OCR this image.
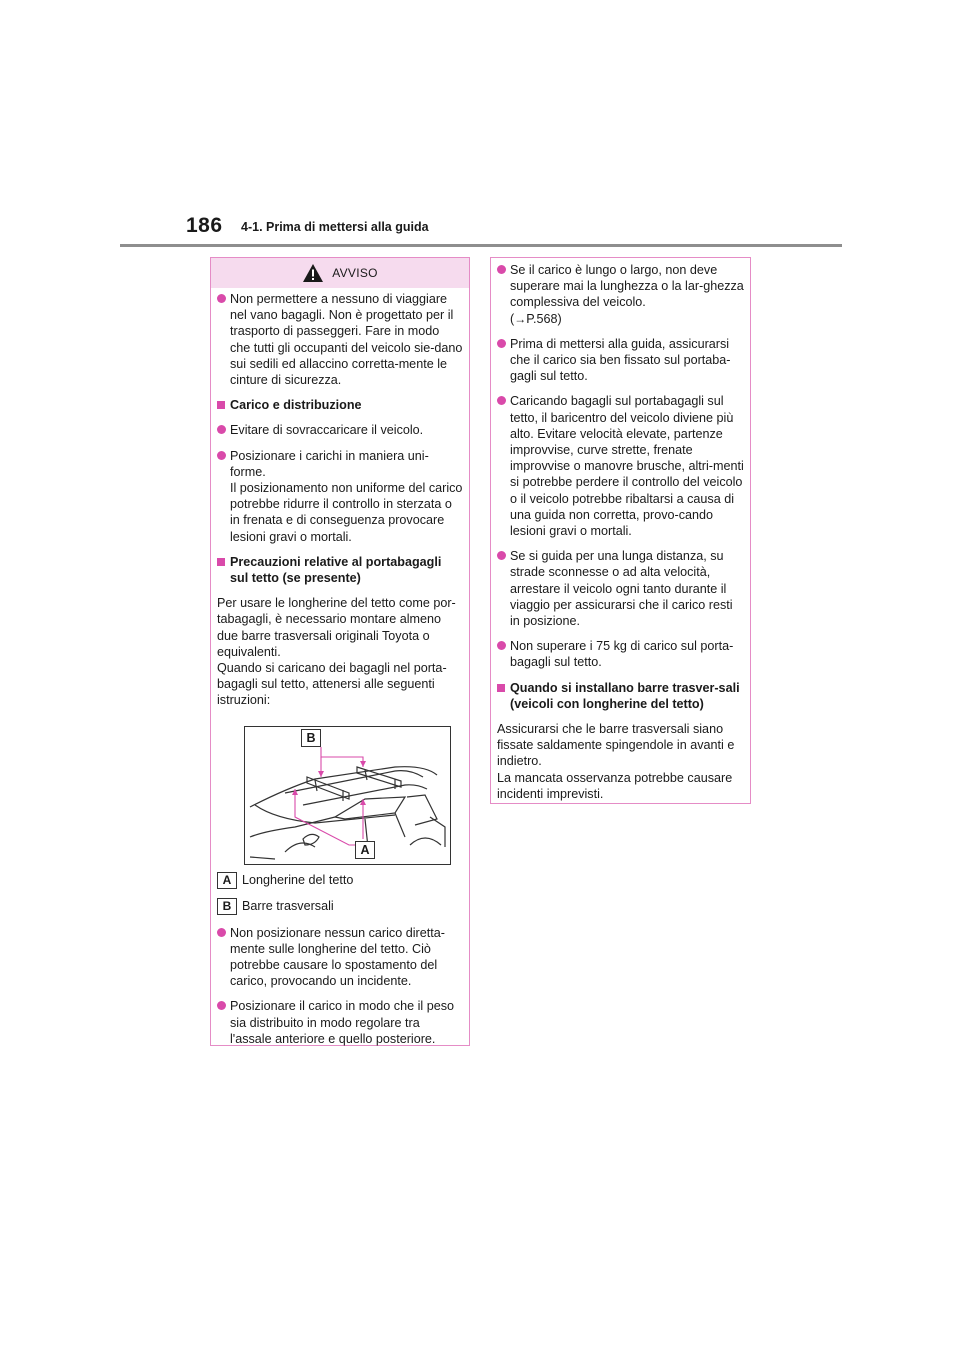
186 4-1. Prima di mettersi alla guida
AVVISO
Non permettere a nessuno di viaggiare nel vano bagagli. Non è progettato per il trasporto di passeggeri. Fare in modo che tutti gli occupanti del veicolo sie-dano sui sedili ed allaccino corretta-mente le cinture di sicurezza.
Carico e distribuzione
Evitare di sovraccaricare il veicolo.
Posizionare i carichi in maniera uni-forme.
Il posizionamento non uniforme del carico potrebbe ridurre il controllo in sterzata o in frenata e di conseguenza provocare lesioni gravi o mortali.
Precauzioni relative al portabagagli sul tetto (se presente)
Per usare le longherine del tetto come por-tabagagli, è necessario montare almeno due barre trasversali originali Toyota o equivalenti.
Quando si caricano dei bagagli nel porta-bagagli sul tetto, attenersi alle seguenti istruzioni:
B
A
A Longherine del tetto
B Barre trasversali
Non posizionare nessun carico diretta-mente sulle longherine del tetto. Ciò potrebbe causare lo spostamento del carico, provocando un incidente.
Posizionare il carico in modo che il peso sia distribuito in modo regolare tra l'assale anteriore e quello posteriore.
Se il carico è lungo o largo, non deve superare mai la lunghezza o la lar-ghezza complessiva del veicolo.
(→P.568)
Prima di mettersi alla guida, assicurarsi che il carico sia ben fissato sul portaba-gagli sul tetto.
Caricando bagagli sul portabagagli sul tetto, il baricentro del veicolo diviene più alto. Evitare velocità elevate, partenze improvvise, curve strette, frenate improvvise o manovre brusche, altri-menti si potrebbe perdere il controllo del veicolo o il veicolo potrebbe ribaltarsi a causa di una guida non corretta, provo-cando lesioni gravi o mortali.
Se si guida per una lunga distanza, su strade sconnesse o ad alta velocità, arrestare il veicolo ogni tanto durante il viaggio per assicurarsi che il carico resti in posizione.
Non superare i 75 kg di carico sul porta-bagagli sul tetto.
Quando si installano barre trasver-sali (veicoli con longherine del tetto)
Assicurarsi che le barre trasversali siano fissate saldamente spingendole in avanti e indietro.
La mancata osservanza potrebbe causare incidenti imprevisti.
